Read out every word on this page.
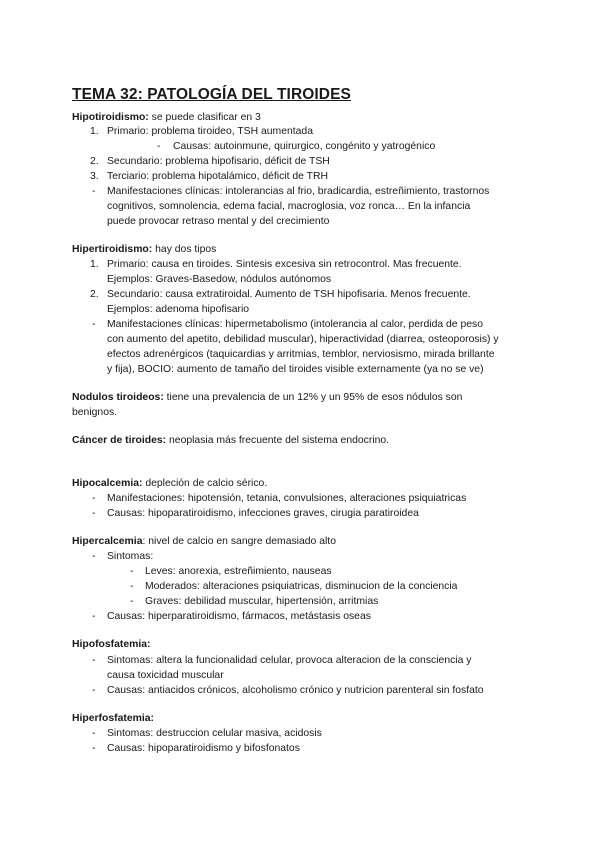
TEMA 32: PATOLOGÍA DEL TIROIDES
Hipotiroidismo: se puede clasificar en 3
1. Primario: problema tiroideo, TSH aumentada
- Causas: autoinmune, quirurgico, congénito y yatrogénico
2. Secundario: problema hipofisario, déficit de TSH
3. Terciario: problema hipotalámico, déficit de TRH
- Manifestaciones clínicas: intolerancias al frio, bradicardia, estreñimiento, trastornos
cognitivos, somnolencia, edema facial, macroglosia, voz ronca… En la infancia
puede provocar retraso mental y del crecimiento
Hipertiroidismo: hay dos tipos
1. Primario: causa en tiroides. Sintesis excesiva sin retrocontrol. Mas frecuente.
Ejemplos: Graves-Basedow, nódulos autónomos
2. Secundario: causa extratiroidal. Aumento de TSH hipofisaria. Menos frecuente.
Ejemplos: adenoma hipofisario
- Manifestaciones clínicas: hipermetabolismo (intolerancia al calor, perdida de peso
con aumento del apetito, debilidad muscular), hiperactividad (diarrea, osteoporosis) y
efectos adrenérgicos (taquicardias y arritmias, temblor, nerviosismo, mirada brillante
y fija), BOCIO: aumento de tamaño del tiroides visible externamente (ya no se ve)
Nodulos tiroideos: tiene una prevalencia de un 12% y un 95% de esos nódulos son
benignos.
Cáncer de tiroides: neoplasia más frecuente del sistema endocrino.
Hipocalcemia: depleción de calcio sérico.
- Manifestaciones: hipotensión, tetania, convulsiones, alteraciones psiquiatricas
- Causas: hipoparatiroidismo, infecciones graves, cirugia paratiroidea
Hipercalcemia: nivel de calcio en sangre demasiado alto
- Sintomas:
- Leves: anorexia, estreñimiento, nauseas
- Moderados: alteraciones psiquiatricas, disminucion de la conciencia
- Graves: debilidad muscular, hipertensión, arritmias
- Causas: hiperparatiroidismo, fármacos, metástasis oseas
Hipofosfatemia:
- Sintomas: altera la funcionalidad celular, provoca alteracion de la consciencia y
causa toxicidad muscular
- Causas: antiacidos crónicos, alcoholismo crónico y nutricion parenteral sin fosfato
Hiperfosfatemia:
- Sintomas: destruccion celular masiva, acidosis
- Causas: hipoparatiroidismo y bifosfonatos
